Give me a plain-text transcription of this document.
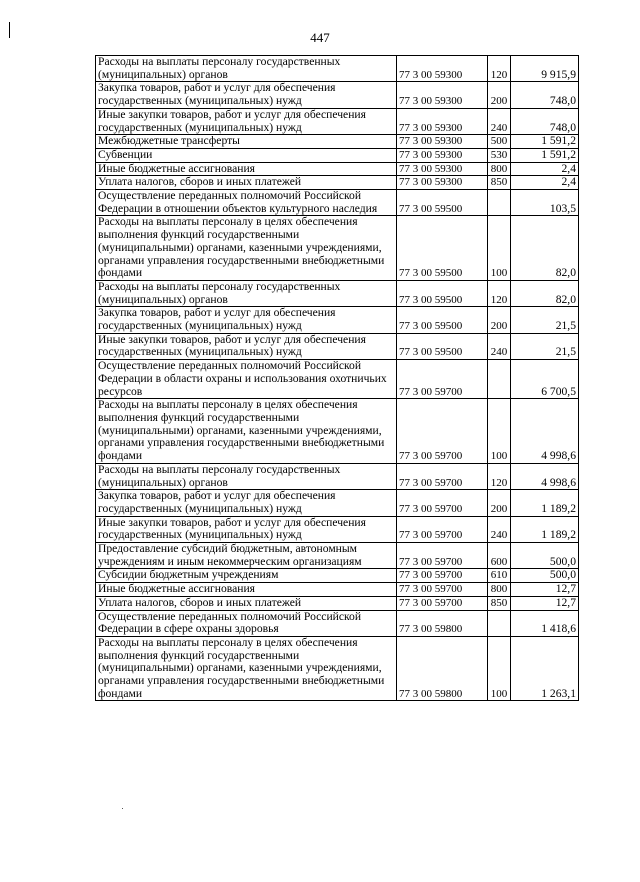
447
Расходы на выплаты персоналу государственных (муниципальных) органов	77 3 00 59300	120	9 915,9
Закупка товаров, работ и услуг для обеспечения государственных (муниципальных) нужд	77 3 00 59300	200	748,0
Иные закупки товаров, работ и услуг для обеспечения государственных (муниципальных) нужд	77 3 00 59300	240	748,0
Межбюджетные трансферты	77 3 00 59300	500	1 591,2
Субвенции	77 3 00 59300	530	1 591,2
Иные бюджетные ассигнования	77 3 00 59300	800	2,4
Уплата налогов, сборов и иных платежей	77 3 00 59300	850	2,4
Осуществление переданных полномочий Российской Федерации в отношении объектов культурного наследия	77 3 00 59500		103,5
Расходы на выплаты персоналу в целях обеспечения выполнения функций государственными (муниципальными) органами, казенными учреждениями, органами управления государственными внебюджетными фондами	77 3 00 59500	100	82,0
Расходы на выплаты персоналу государственных (муниципальных) органов	77 3 00 59500	120	82,0
Закупка товаров, работ и услуг для обеспечения государственных (муниципальных) нужд	77 3 00 59500	200	21,5
Иные закупки товаров, работ и услуг для обеспечения государственных (муниципальных) нужд	77 3 00 59500	240	21,5
Осуществление переданных полномочий Российской Федерации в области охраны и использования охотничьих ресурсов	77 3 00 59700		6 700,5
Расходы на выплаты персоналу в целях обеспечения выполнения функций государственными (муниципальными) органами, казенными учреждениями, органами управления государственными внебюджетными фондами	77 3 00 59700	100	4 998,6
Расходы на выплаты персоналу государственных (муниципальных) органов	77 3 00 59700	120	4 998,6
Закупка товаров, работ и услуг для обеспечения государственных (муниципальных) нужд	77 3 00 59700	200	1 189,2
Иные закупки товаров, работ и услуг для обеспечения государственных (муниципальных) нужд	77 3 00 59700	240	1 189,2
Предоставление субсидий бюджетным, автономным учреждениям и иным некоммерческим организациям	77 3 00 59700	600	500,0
Субсидии бюджетным учреждениям	77 3 00 59700	610	500,0
Иные бюджетные ассигнования	77 3 00 59700	800	12,7
Уплата налогов, сборов и иных платежей	77 3 00 59700	850	12,7
Осуществление переданных полномочий Российской Федерации в сфере охраны здоровья	77 3 00 59800		1 418,6
Расходы на выплаты персоналу в целях обеспечения выполнения функций государственными (муниципальными) органами, казенными учреждениями, органами управления государственными внебюджетными фондами	77 3 00 59800	100	1 263,1
